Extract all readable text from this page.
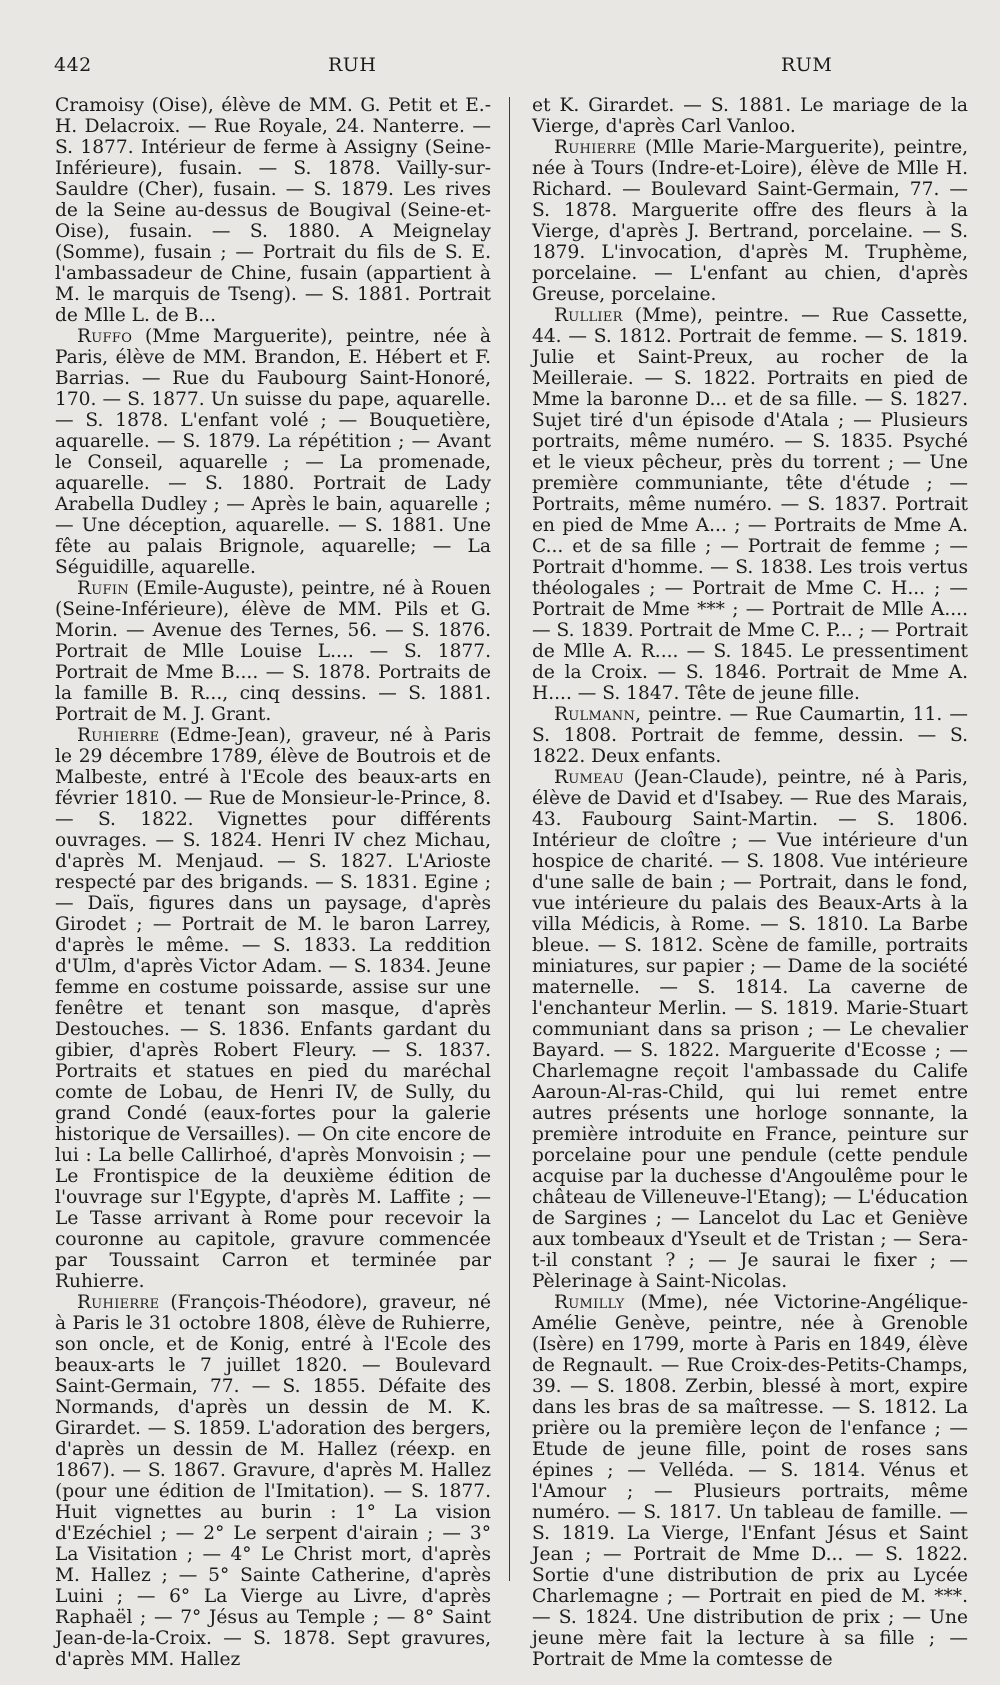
442	RUH	RUM

Cramoisy (Oise), élève de MM. G. Petit et E.-H. Delacroix. — Rue Royale, 24. Nanterre. — S. 1877. Intérieur de ferme à Assigny (Seine-Inférieure), fusain. — S. 1878. Vailly-sur-Sauldre (Cher), fusain. — S. 1879. Les rives de la Seine au-dessus de Bougival (Seine-et-Oise), fusain. — S. 1880. A Meignelay (Somme), fusain ; — Portrait du fils de S. E. l'ambassadeur de Chine, fusain (appartient à M. le marquis de Tseng). — S. 1881. Portrait de Mlle L. de B...

Ruffo (Mme Marguerite), peintre, née à Paris, élève de MM. Brandon, E. Hébert et F. Barrias. — Rue du Faubourg Saint-Honoré, 170. — S. 1877. Un suisse du pape, aquarelle. — S. 1878. L'enfant volé ; — Bouquetière, aquarelle. — S. 1879. La répétition ; — Avant le Conseil, aquarelle ; — La promenade, aquarelle. — S. 1880. Portrait de Lady Arabella Dudley ; — Après le bain, aquarelle ; — Une déception, aquarelle. — S. 1881. Une fête au palais Brignole, aquarelle; — La Séguidille, aquarelle.

Rufin (Emile-Auguste), peintre, né à Rouen (Seine-Inférieure), élève de MM. Pils et G. Morin. — Avenue des Ternes, 56. — S. 1876. Portrait de Mlle Louise L.... — S. 1877. Portrait de Mme B.... — S. 1878. Portraits de la famille B. R..., cinq dessins. — S. 1881. Portrait de M. J. Grant.

Ruhierre (Edme-Jean), graveur, né à Paris le 29 décembre 1789, élève de Boutrois et de Malbeste, entré à l'Ecole des beaux-arts en février 1810. — Rue de Monsieur-le-Prince, 8. — S. 1822. Vignettes pour différents ouvrages. — S. 1824. Henri IV chez Michau, d'après M. Menjaud. — S. 1827. L'Arioste respecté par des brigands. — S. 1831. Egine ; — Daïs, figures dans un paysage, d'après Girodet ; — Portrait de M. le baron Larrey, d'après le même. — S. 1833. La reddition d'Ulm, d'après Victor Adam. — S. 1834. Jeune femme en costume poissarde, assise sur une fenêtre et tenant son masque, d'après Destouches. — S. 1836. Enfants gardant du gibier, d'après Robert Fleury. — S. 1837. Portraits et statues en pied du maréchal comte de Lobau, de Henri IV, de Sully, du grand Condé (eaux-fortes pour la galerie historique de Versailles). — On cite encore de lui : La belle Callirhoé, d'après Monvoisin ; — Le Frontispice de la deuxième édition de l'ouvrage sur l'Egypte, d'après M. Laffite ; — Le Tasse arrivant à Rome pour recevoir la couronne au capitole, gravure commencée par Toussaint Carron et terminée par Ruhierre.

Ruhierre (François-Théodore), graveur, né à Paris le 31 octobre 1808, élève de Ruhierre, son oncle, et de Konig, entré à l'Ecole des beaux-arts le 7 juillet 1820. — Boulevard Saint-Germain, 77. — S. 1855. Défaite des Normands, d'après un dessin de M. K. Girardet. — S. 1859. L'adoration des bergers, d'après un dessin de M. Hallez (réexp. en 1867). — S. 1867. Gravure, d'après M. Hallez (pour une édition de l'Imitation). — S. 1877. Huit vignettes au burin : 1° La vision d'Ezéchiel ; — 2° Le serpent d'airain ; — 3° La Visitation ; — 4° Le Christ mort, d'après M. Hallez ; — 5° Sainte Catherine, d'après Luini ; — 6° La Vierge au Livre, d'après Raphaël ; — 7° Jésus au Temple ; — 8° Saint Jean-de-la-Croix. — S. 1878. Sept gravures, d'après MM. Hallez

et K. Girardet. — S. 1881. Le mariage de la Vierge, d'après Carl Vanloo.

Ruhierre (Mlle Marie-Marguerite), peintre, née à Tours (Indre-et-Loire), élève de Mlle H. Richard. — Boulevard Saint-Germain, 77. — S. 1878. Marguerite offre des fleurs à la Vierge, d'après J. Bertrand, porcelaine. — S. 1879. L'invocation, d'après M. Truphème, porcelaine. — L'enfant au chien, d'après Greuse, porcelaine.

Rullier (Mme), peintre. — Rue Cassette, 44. — S. 1812. Portrait de femme. — S. 1819. Julie et Saint-Preux, au rocher de la Meilleraie. — S. 1822. Portraits en pied de Mme la baronne D... et de sa fille. — S. 1827. Sujet tiré d'un épisode d'Atala ; — Plusieurs portraits, même numéro. — S. 1835. Psyché et le vieux pêcheur, près du torrent ; — Une première communiante, tête d'étude ; — Portraits, même numéro. — S. 1837. Portrait en pied de Mme A... ; — Portraits de Mme A. C... et de sa fille ; — Portrait de femme ; — Portrait d'homme. — S. 1838. Les trois vertus théologales ; — Portrait de Mme C. H... ; — Portrait de Mme *** ; — Portrait de Mlle A.... — S. 1839. Portrait de Mme C. P... ; — Portrait de Mlle A. R.... — S. 1845. Le pressentiment de la Croix. — S. 1846. Portrait de Mme A. H.... — S. 1847. Tête de jeune fille.

Rulmann, peintre. — Rue Caumartin, 11. — S. 1808. Portrait de femme, dessin. — S. 1822. Deux enfants.

Rumeau (Jean-Claude), peintre, né à Paris, élève de David et d'Isabey. — Rue des Marais, 43. Faubourg Saint-Martin. — S. 1806. Intérieur de cloître ; — Vue intérieure d'un hospice de charité. — S. 1808. Vue intérieure d'une salle de bain ; — Portrait, dans le fond, vue intérieure du palais des Beaux-Arts à la villa Médicis, à Rome. — S. 1810. La Barbe bleue. — S. 1812. Scène de famille, portraits miniatures, sur papier ; — Dame de la société maternelle. — S. 1814. La caverne de l'enchanteur Merlin. — S. 1819. Marie-Stuart communiant dans sa prison ; — Le chevalier Bayard. — S. 1822. Marguerite d'Ecosse ; — Charlemagne reçoit l'ambassade du Calife Aaroun-Al-ras-Child, qui lui remet entre autres présents une horloge sonnante, la première introduite en France, peinture sur porcelaine pour une pendule (cette pendule acquise par la duchesse d'Angoulême pour le château de Villeneuve-l'Etang); — L'éducation de Sargines ; — Lancelot du Lac et Geniève aux tombeaux d'Yseult et de Tristan ; — Sera-t-il constant ? ; — Je saurai le fixer ; — Pèlerinage à Saint-Nicolas.

Rumilly (Mme), née Victorine-Angélique-Amélie Genève, peintre, née à Grenoble (Isère) en 1799, morte à Paris en 1849, élève de Regnault. — Rue Croix-des-Petits-Champs, 39. — S. 1808. Zerbin, blessé à mort, expire dans les bras de sa maîtresse. — S. 1812. La prière ou la première leçon de l'enfance ; — Etude de jeune fille, point de roses sans épines ; — Velléda. — S. 1814. Vénus et l'Amour ; — Plusieurs portraits, même numéro. — S. 1817. Un tableau de famille. — S. 1819. La Vierge, l'Enfant Jésus et Saint Jean ; — Portrait de Mme D... — S. 1822. Sortie d'une distribution de prix au Lycée Charlemagne ; — Portrait en pied de M. ***. — S. 1824. Une distribution de prix ; — Une jeune mère fait la lecture à sa fille ; — Portrait de Mme la comtesse de
